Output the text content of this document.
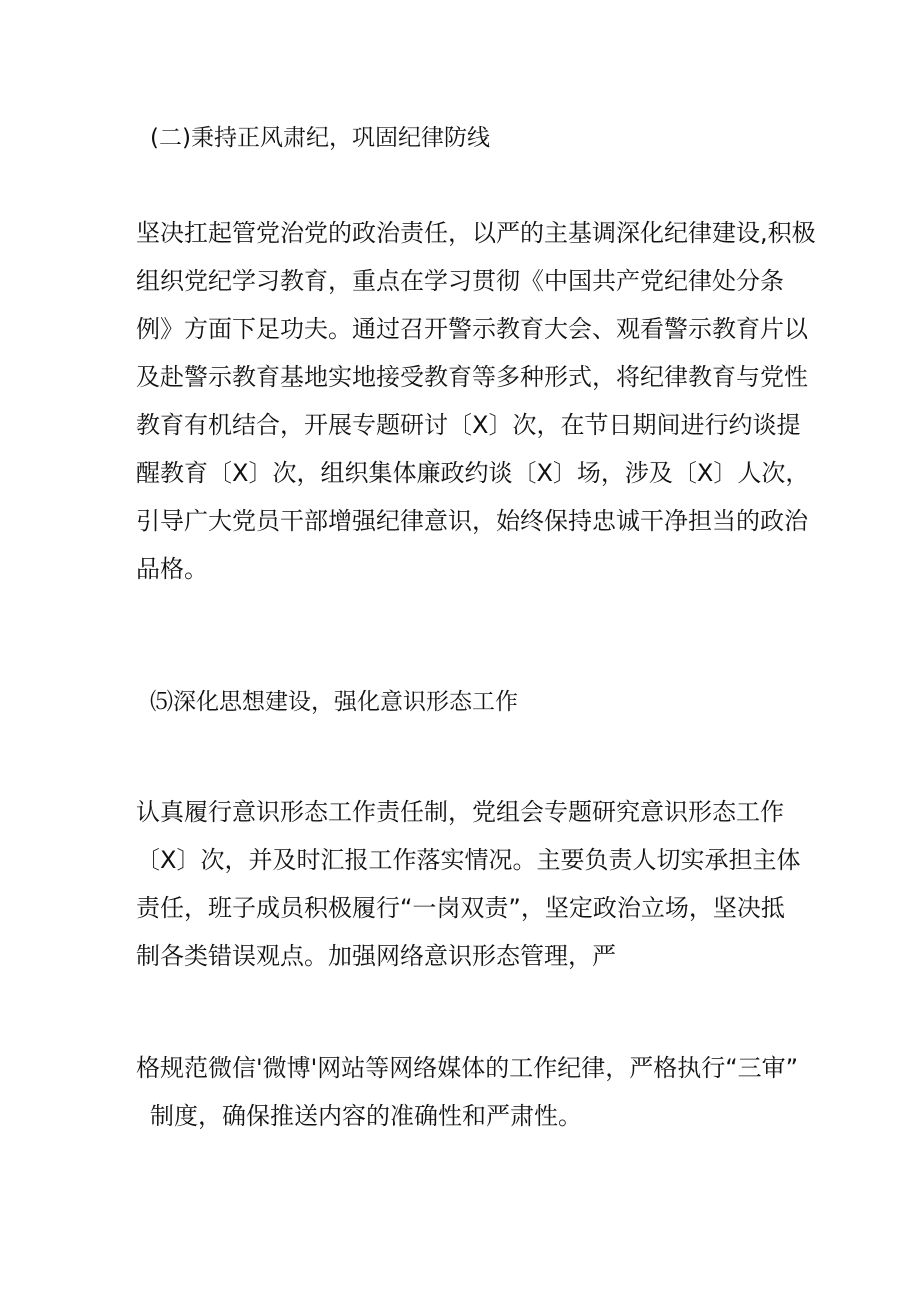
(二)秉持正风肃纪，巩固纪律防线
坚决扛起管党治党的政治责任，以严的主基调深化纪律建设,积极
组织党纪学习教育，重点在学习贯彻《中国共产党纪律处分条
例》方面下足功夫。通过召开警示教育大会、观看警示教育片以
及赴警示教育基地实地接受教育等多种形式，将纪律教育与党性
教育有机结合，开展专题研讨〔X〕次，在节日期间进行约谈提
醒教育〔X〕次，组织集体廉政约谈〔X〕场，涉及〔X〕人次，
引导广大党员干部增强纪律意识，始终保持忠诚干净担当的政治
品格。
⑸深化思想建设，强化意识形态工作
认真履行意识形态工作责任制，党组会专题研究意识形态工作
〔X〕次，并及时汇报工作落实情况。主要负责人切实承担主体
责任，班子成员积极履行“一岗双责”，坚定政治立场，坚决抵
制各类错误观点。加强网络意识形态管理，严
格规范微信'微博'网站等网络媒体的工作纪律，严格执行“三审”
制度，确保推送内容的准确性和严肃性。
